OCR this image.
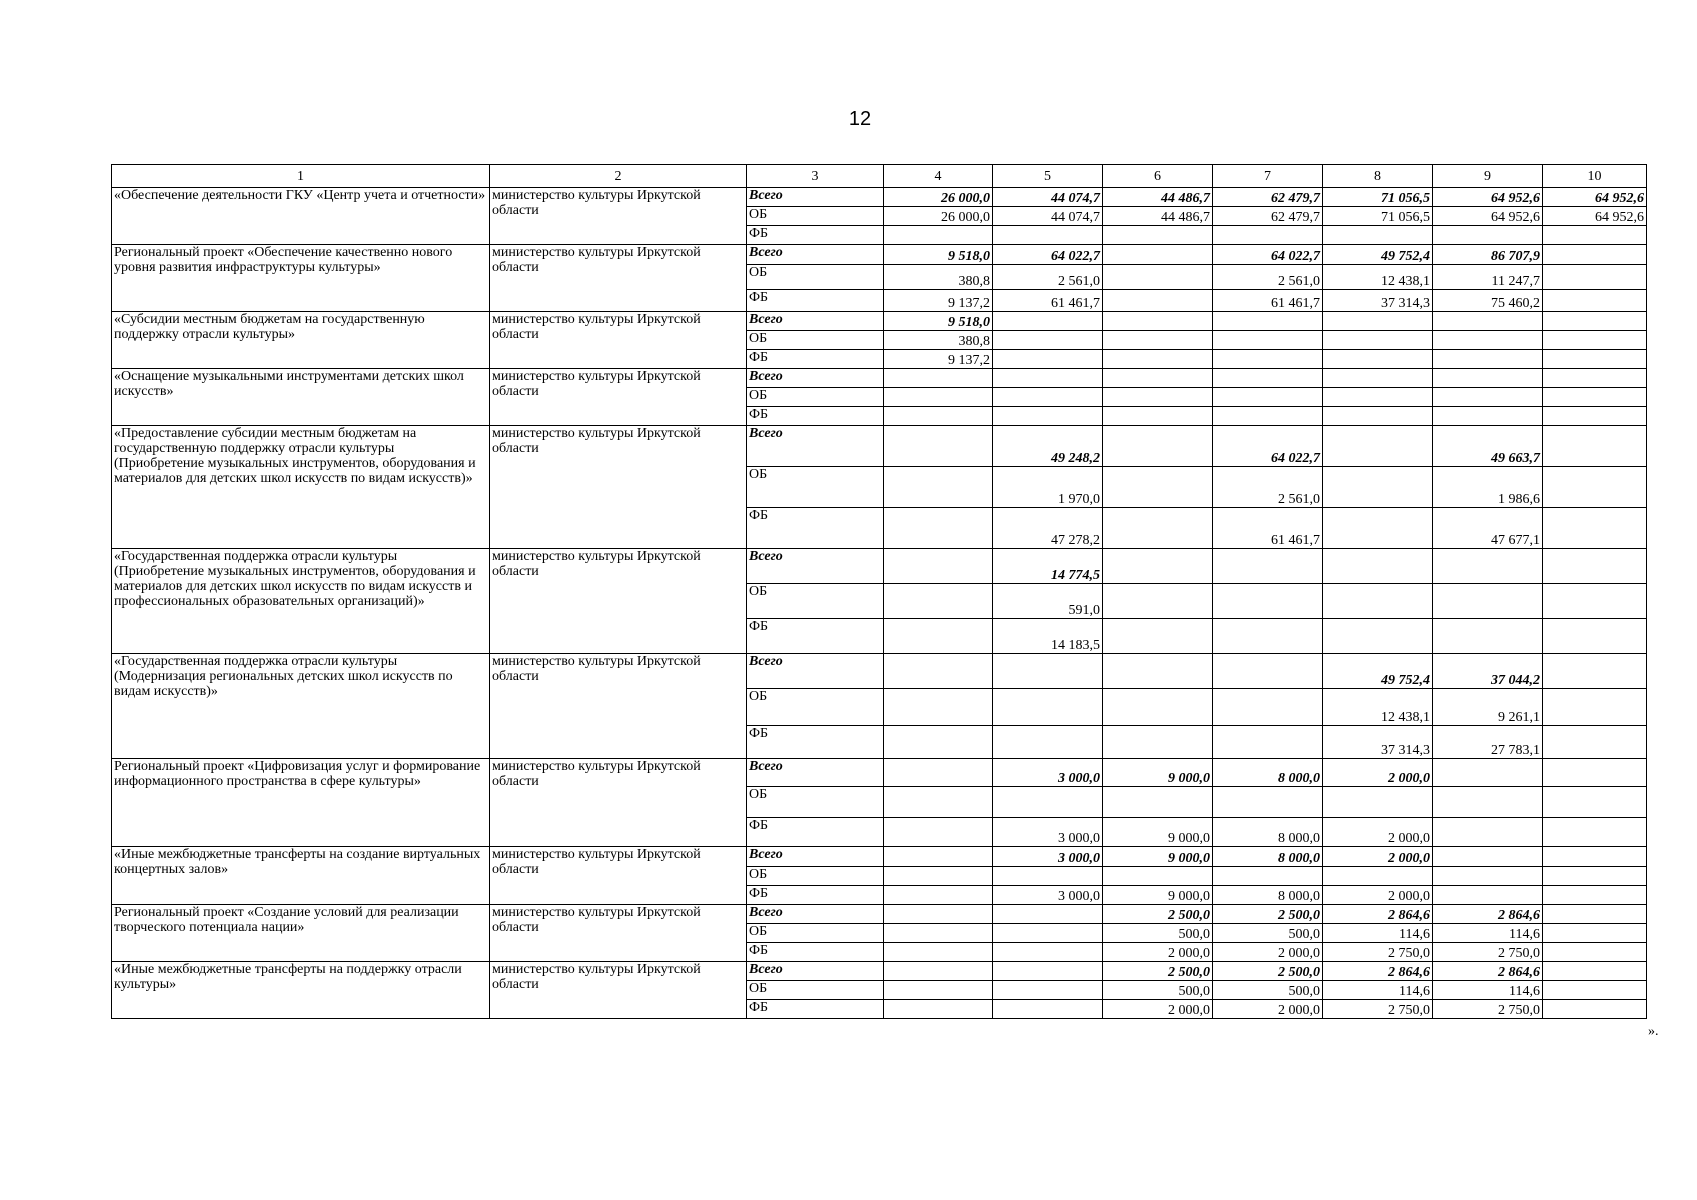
12
1	2	3	4	5	6	7	8	9	10
«Обеспечение деятельности ГКУ «Центр учета и отчетности»	министерство культуры Иркутской области	Всего	26 000,0	44 074,7	44 486,7	62 479,7	71 056,5	64 952,6	64 952,6
		ОБ	26 000,0	44 074,7	44 486,7	62 479,7	71 056,5	64 952,6	64 952,6
		ФБ							
Региональный проект «Обеспечение качественно нового уровня развития инфраструктуры культуры»	министерство культуры Иркутской области	Всего	9 518,0	64 022,7		64 022,7	49 752,4	86 707,9	
		ОБ	380,8	2 561,0		2 561,0	12 438,1	11 247,7	
		ФБ	9 137,2	61 461,7		61 461,7	37 314,3	75 460,2	
«Субсидии местным бюджетам на государственную поддержку отрасли культуры»	министерство культуры Иркутской области	Всего	9 518,0						
		ОБ	380,8						
		ФБ	9 137,2						
«Оснащение музыкальными инструментами детских школ искусств»	министерство культуры Иркутской области	Всего							
		ОБ							
		ФБ							
«Предоставление субсидии местным бюджетам на государственную поддержку отрасли культуры (Приобретение музыкальных инструментов, оборудования и материалов для детских школ искусств по видам искусств)»	министерство культуры Иркутской области	Всего		49 248,2		64 022,7		49 663,7	
		ОБ		1 970,0		2 561,0		1 986,6	
		ФБ		47 278,2		61 461,7		47 677,1	
«Государственная поддержка отрасли культуры (Приобретение музыкальных инструментов, оборудования и материалов для детских школ искусств по видам искусств и профессиональных образовательных организаций)»	министерство культуры Иркутской области	Всего		14 774,5					
		ОБ		591,0					
		ФБ		14 183,5					
«Государственная поддержка отрасли культуры (Модернизация региональных детских школ искусств по видам искусств)»	министерство культуры Иркутской области	Всего					49 752,4	37 044,2	
		ОБ					12 438,1	9 261,1	
		ФБ					37 314,3	27 783,1	
Региональный проект «Цифровизация услуг и формирование информационного пространства в сфере культуры»	министерство культуры Иркутской области	Всего		3 000,0	9 000,0	8 000,0	2 000,0		
		ОБ							
		ФБ		3 000,0	9 000,0	8 000,0	2 000,0		
«Иные межбюджетные трансферты на создание виртуальных концертных залов»	министерство культуры Иркутской области	Всего		3 000,0	9 000,0	8 000,0	2 000,0		
		ОБ							
		ФБ		3 000,0	9 000,0	8 000,0	2 000,0		
Региональный проект «Создание условий для реализации творческого потенциала нации»	министерство культуры Иркутской области	Всего			2 500,0	2 500,0	2 864,6	2 864,6	
		ОБ			500,0	500,0	114,6	114,6	
		ФБ			2 000,0	2 000,0	2 750,0	2 750,0	
«Иные межбюджетные трансферты на поддержку отрасли культуры»	министерство культуры Иркутской области	Всего			2 500,0	2 500,0	2 864,6	2 864,6	
		ОБ			500,0	500,0	114,6	114,6	
		ФБ			2 000,0	2 000,0	2 750,0	2 750,0	
».
